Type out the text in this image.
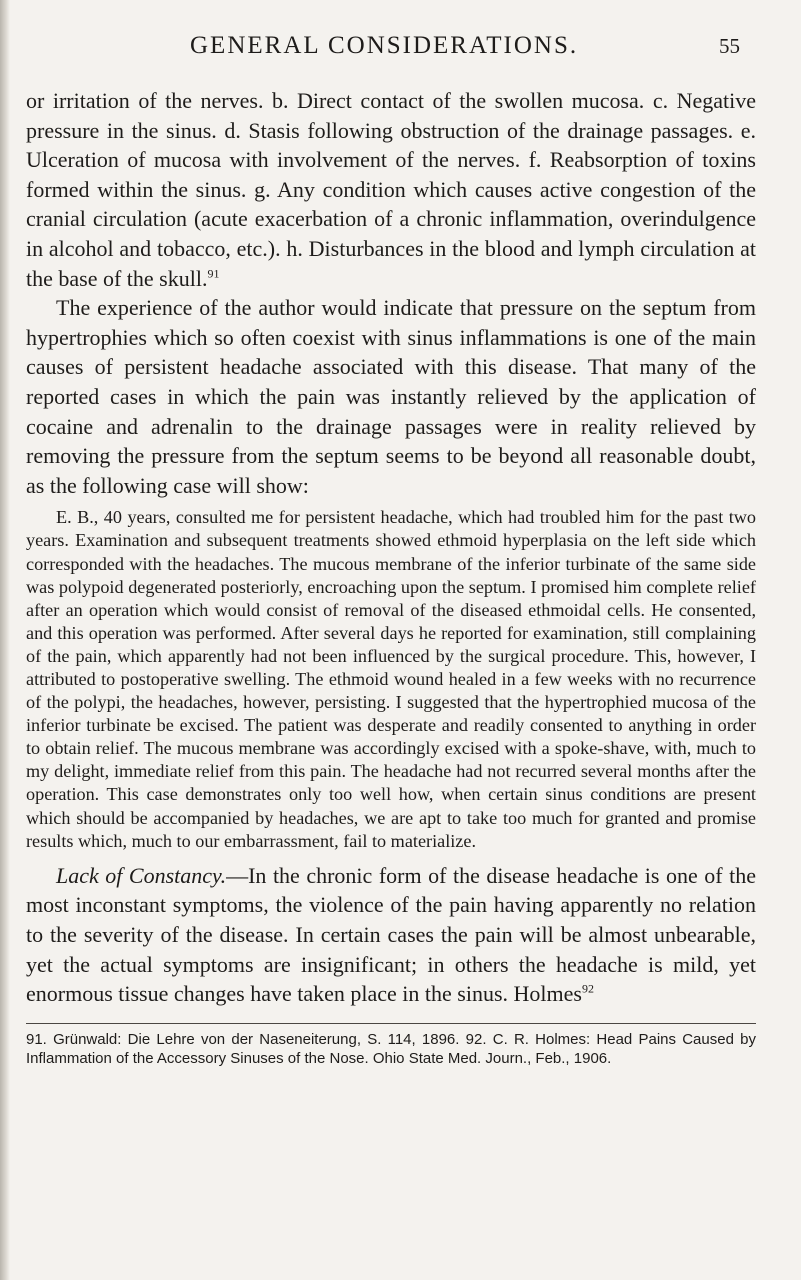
GENERAL CONSIDERATIONS.	55

or irritation of the nerves. b. Direct contact of the swollen mucosa. c. Negative pressure in the sinus. d. Stasis following obstruction of the drainage passages. e. Ulceration of mucosa with involvement of the nerves. f. Reabsorption of toxins formed within the sinus. g. Any condition which causes active congestion of the cranial circulation (acute exacerbation of a chronic inflammation, overindulgence in alcohol and tobacco, etc.). h. Disturbances in the blood and lymph circulation at the base of the skull.$^{91}$

The experience of the author would indicate that pressure on the septum from hypertrophies which so often coexist with sinus inflammations is one of the main causes of persistent headache associated with this disease. That many of the reported cases in which the pain was instantly relieved by the application of cocaine and adrenalin to the drainage passages were in reality relieved by removing the pressure from the septum seems to be beyond all reasonable doubt, as the following case will show:

E. B., 40 years, consulted me for persistent headache, which had troubled him for the past two years. Examination and subsequent treatments showed ethmoid hyperplasia on the left side which corresponded with the headaches. The mucous membrane of the inferior turbinate of the same side was polypoid degenerated posteriorly, encroaching upon the septum. I promised him complete relief after an operation which would consist of removal of the diseased ethmoidal cells. He consented, and this operation was performed. After several days he reported for examination, still complaining of the pain, which apparently had not been influenced by the surgical procedure. This, however, I attributed to postoperative swelling. The ethmoid wound healed in a few weeks with no recurrence of the polypi, the headaches, however, persisting. I suggested that the hypertrophied mucosa of the inferior turbinate be excised. The patient was desperate and readily consented to anything in order to obtain relief. The mucous membrane was accordingly excised with a spoke-shave, with, much to my delight, immediate relief from this pain. The headache had not recurred several months after the operation. This case demonstrates only too well how, when certain sinus conditions are present which should be accompanied by headaches, we are apt to take too much for granted and promise results which, much to our embarrassment, fail to materialize.

Lack of Constancy.—In the chronic form of the disease headache is one of the most inconstant symptoms, the violence of the pain having apparently no relation to the severity of the disease. In certain cases the pain will be almost unbearable, yet the actual symptoms are insignificant; in others the headache is mild, yet enormous tissue changes have taken place in the sinus. Holmes$^{92}$

91. Grünwald: Die Lehre von der Naseneiterung, S. 114, 1896. 92. C. R. Holmes: Head Pains Caused by Inflammation of the Accessory Sinuses of the Nose. Ohio State Med. Journ., Feb., 1906.
